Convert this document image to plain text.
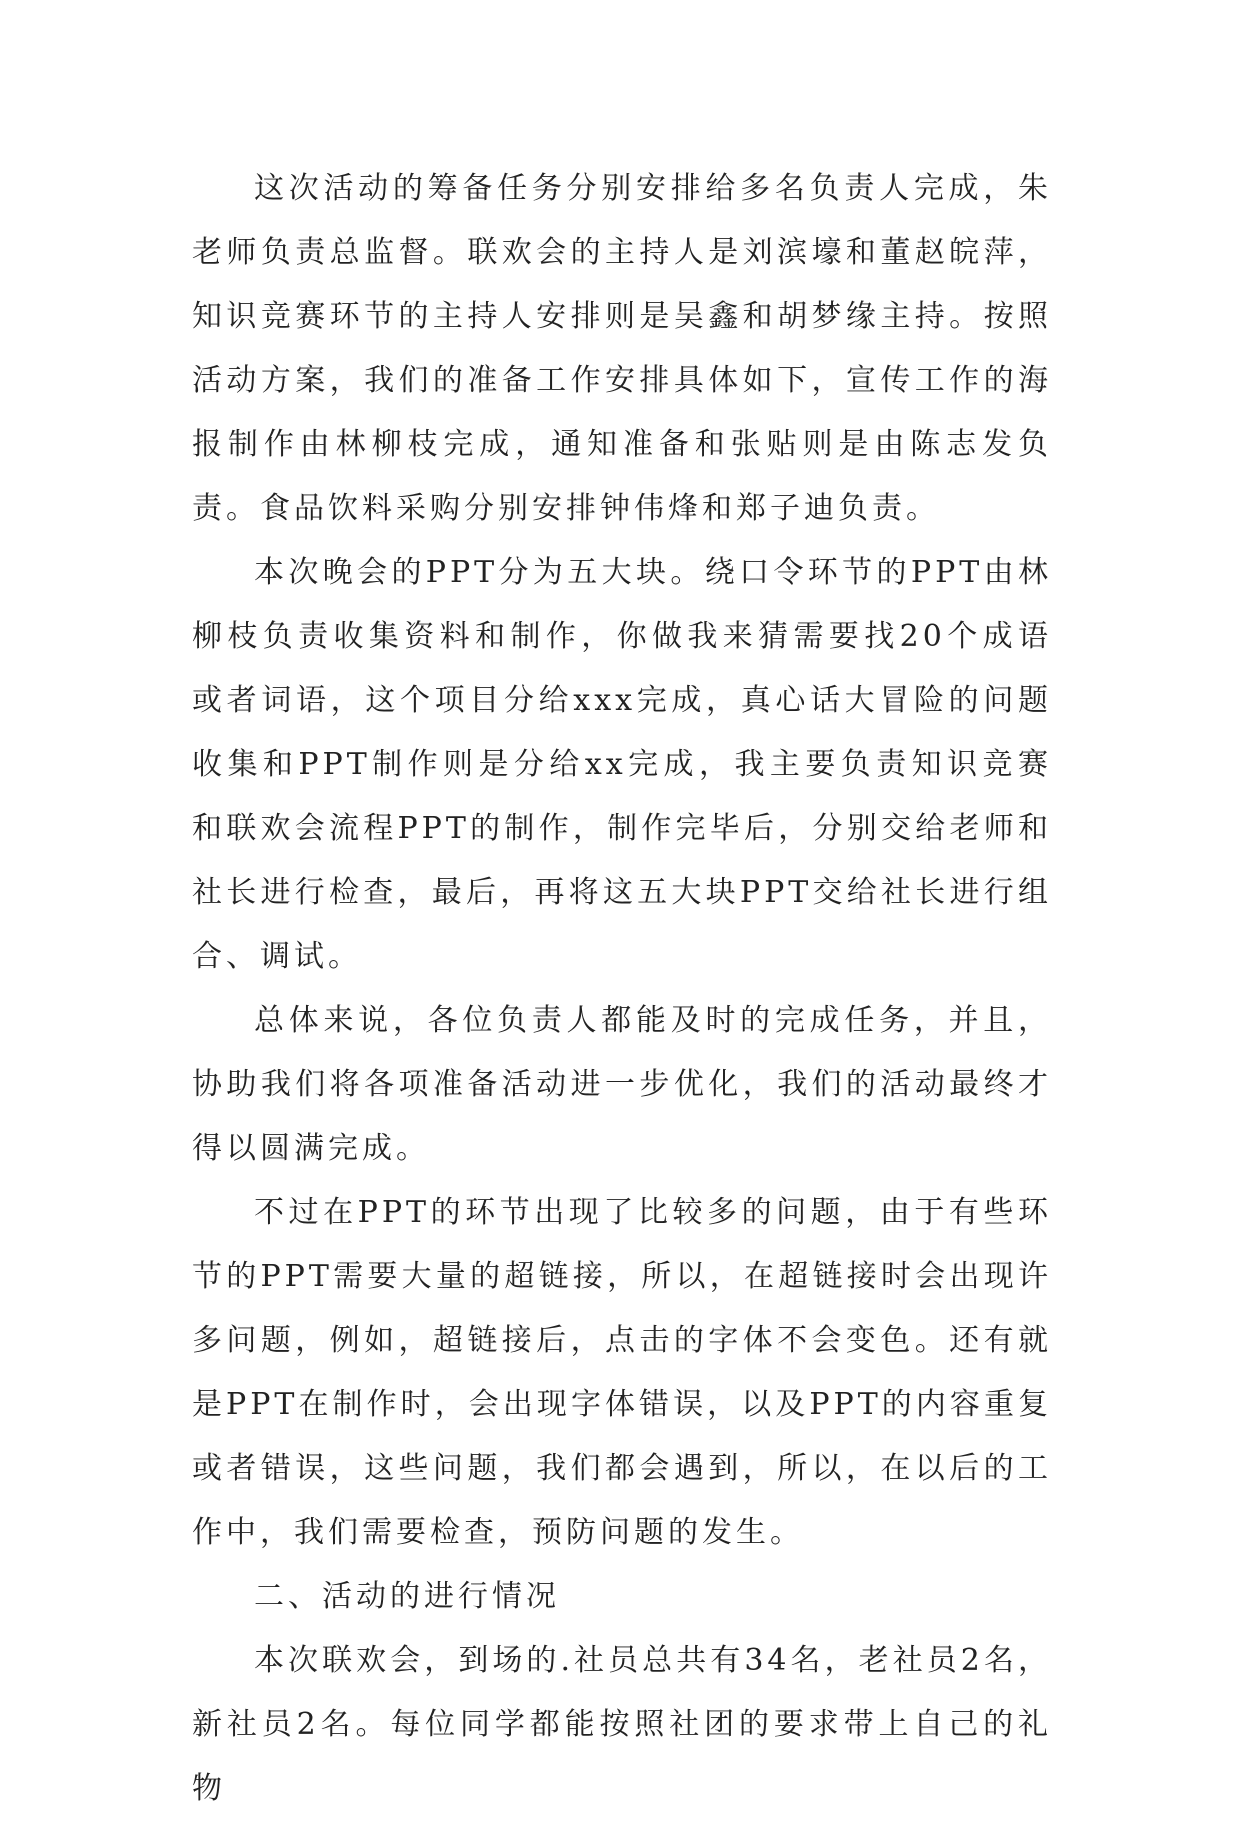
这次活动的筹备任务分别安排给多名负责人完成，朱老师负责总监督。联欢会的主持人是刘滨壕和董赵皖萍，知识竞赛环节的主持人安排则是吴鑫和胡梦缘主持。按照活动方案，我们的准备工作安排具体如下，宣传工作的海报制作由林柳枝完成，通知准备和张贴则是由陈志发负责。食品饮料采购分别安排钟伟烽和郑子迪负责。

本次晚会的PPT分为五大块。绕口令环节的PPT由林柳枝负责收集资料和制作，你做我来猜需要找20个成语或者词语，这个项目分给xxx完成，真心话大冒险的问题收集和PPT制作则是分给xx完成，我主要负责知识竞赛和联欢会流程PPT的制作，制作完毕后，分别交给老师和社长进行检查，最后，再将这五大块PPT交给社长进行组合、调试。

总体来说，各位负责人都能及时的完成任务，并且，协助我们将各项准备活动进一步优化，我们的活动最终才得以圆满完成。

不过在PPT的环节出现了比较多的问题，由于有些环节的PPT需要大量的超链接，所以，在超链接时会出现许多问题，例如，超链接后，点击的字体不会变色。还有就是PPT在制作时，会出现字体错误，以及PPT的内容重复或者错误，这些问题，我们都会遇到，所以，在以后的工作中，我们需要检查，预防问题的发生。

二、活动的进行情况

本次联欢会，到场的.社员总共有34名，老社员2名，新社员2名。每位同学都能按照社团的要求带上自己的礼物
